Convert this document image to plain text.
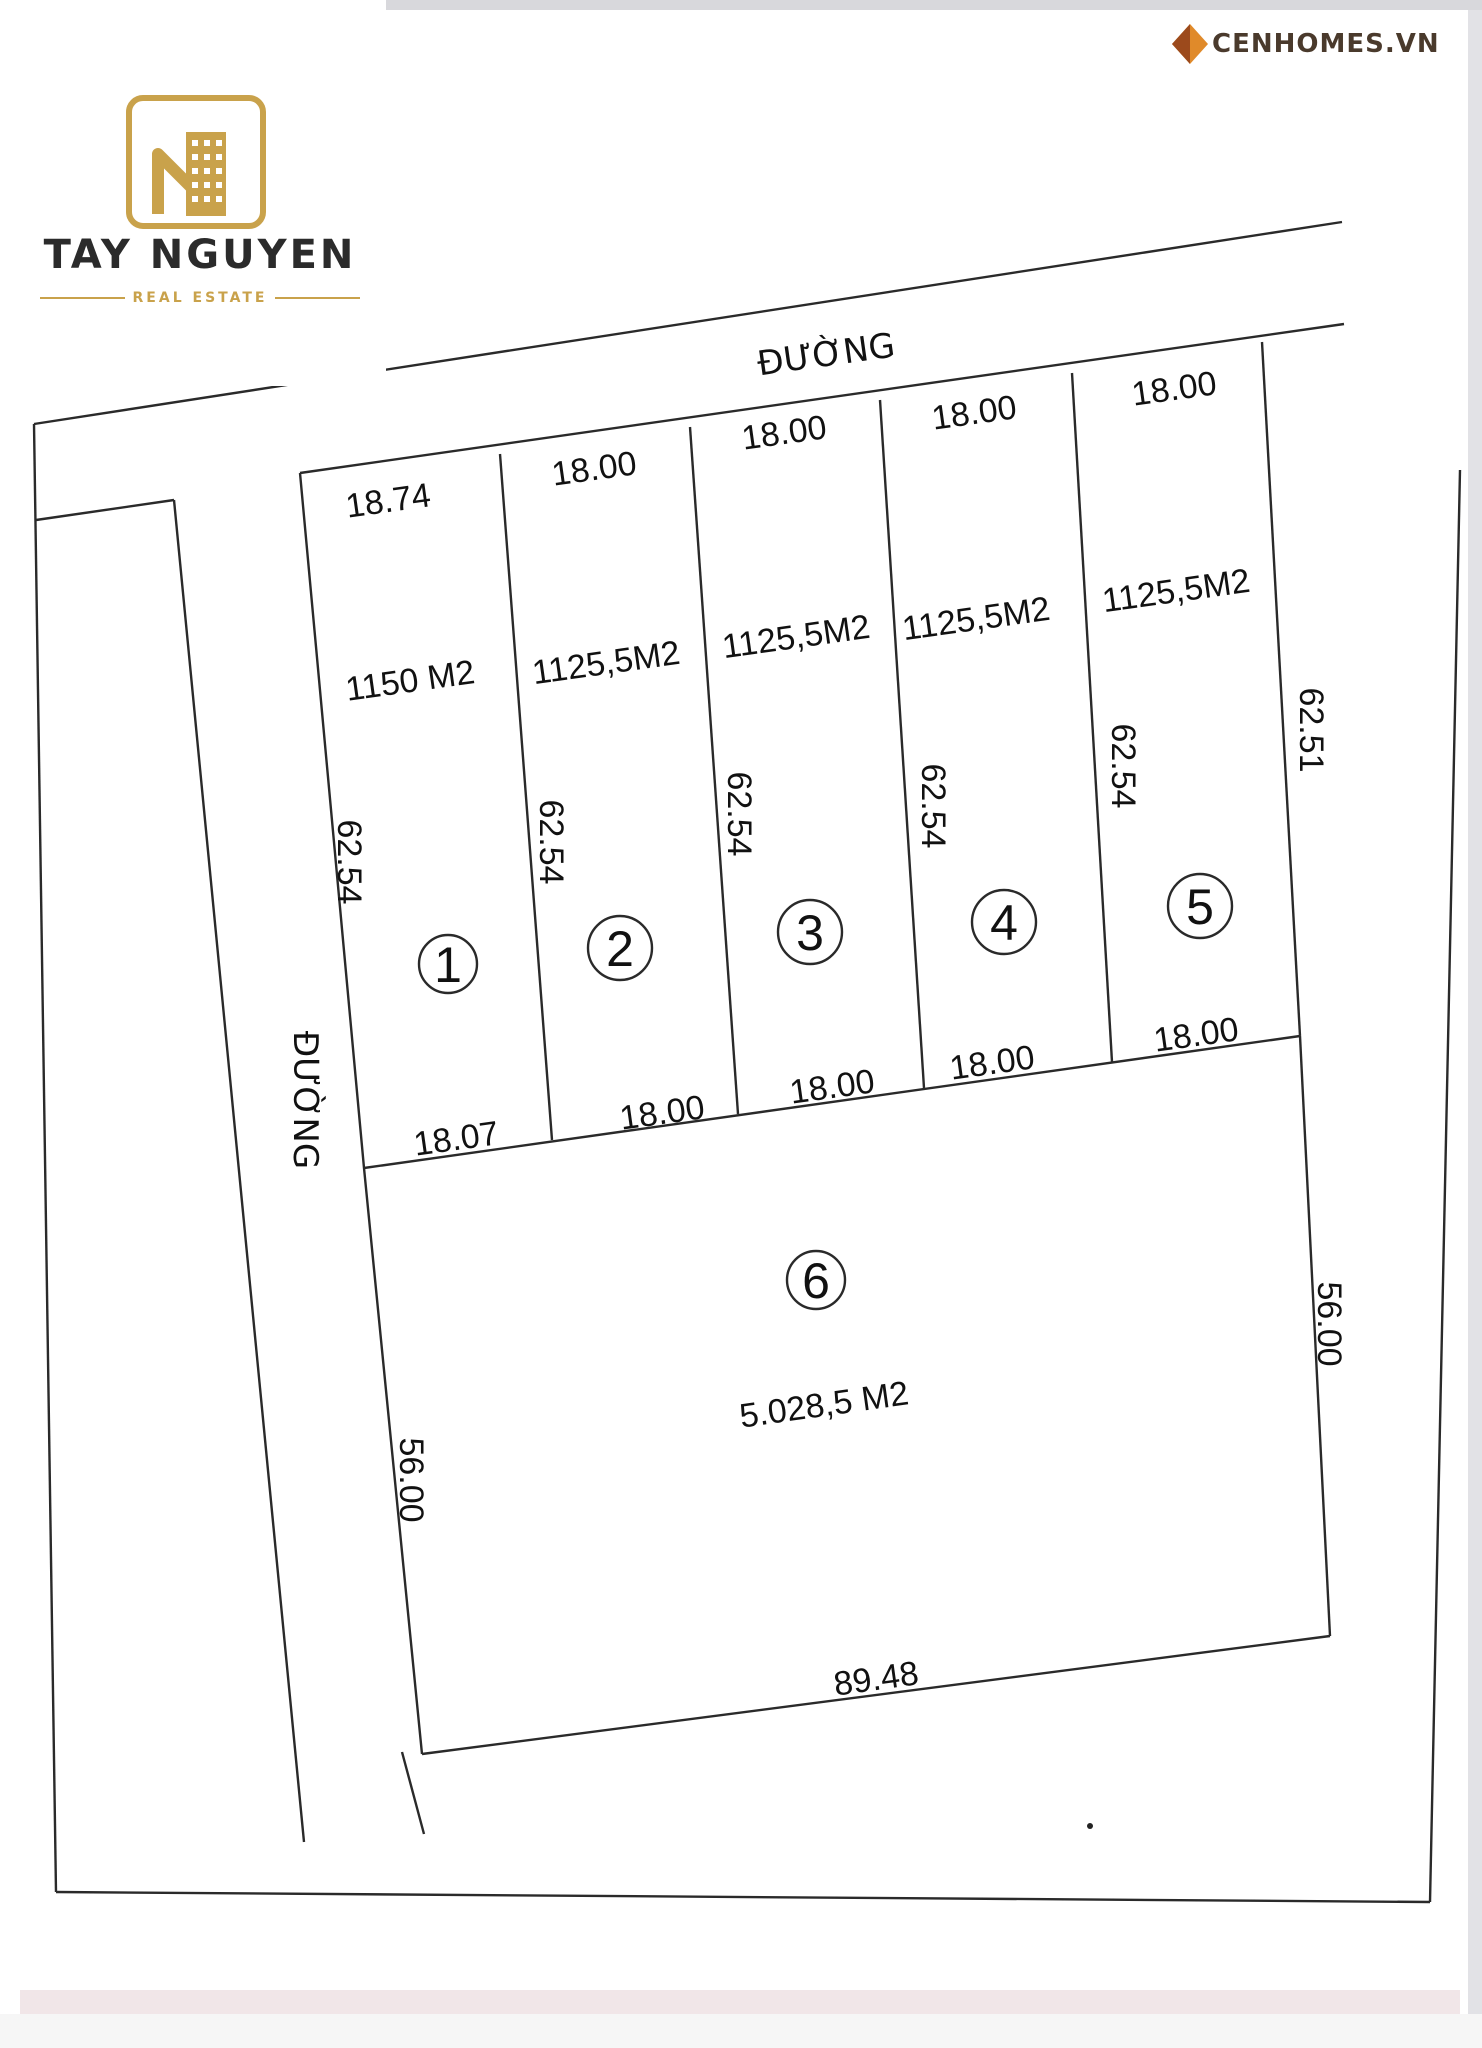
ĐƯỜNG
ĐƯỜNG
18.74
1150 M2
62.54
1
18.07
18.00
1125,5M2
62.54
2
18.00
18.00
1125,5M2
62.54
3
18.00
18.00
1125,5M2
62.54
4
18.00
18.00
1125,5M2
62.54
5
18.00
62.51
6
5.028,5 M2
56.00
56.00
89.48
TAY NGUYEN
REAL ESTATE
CENHOMES.VN
